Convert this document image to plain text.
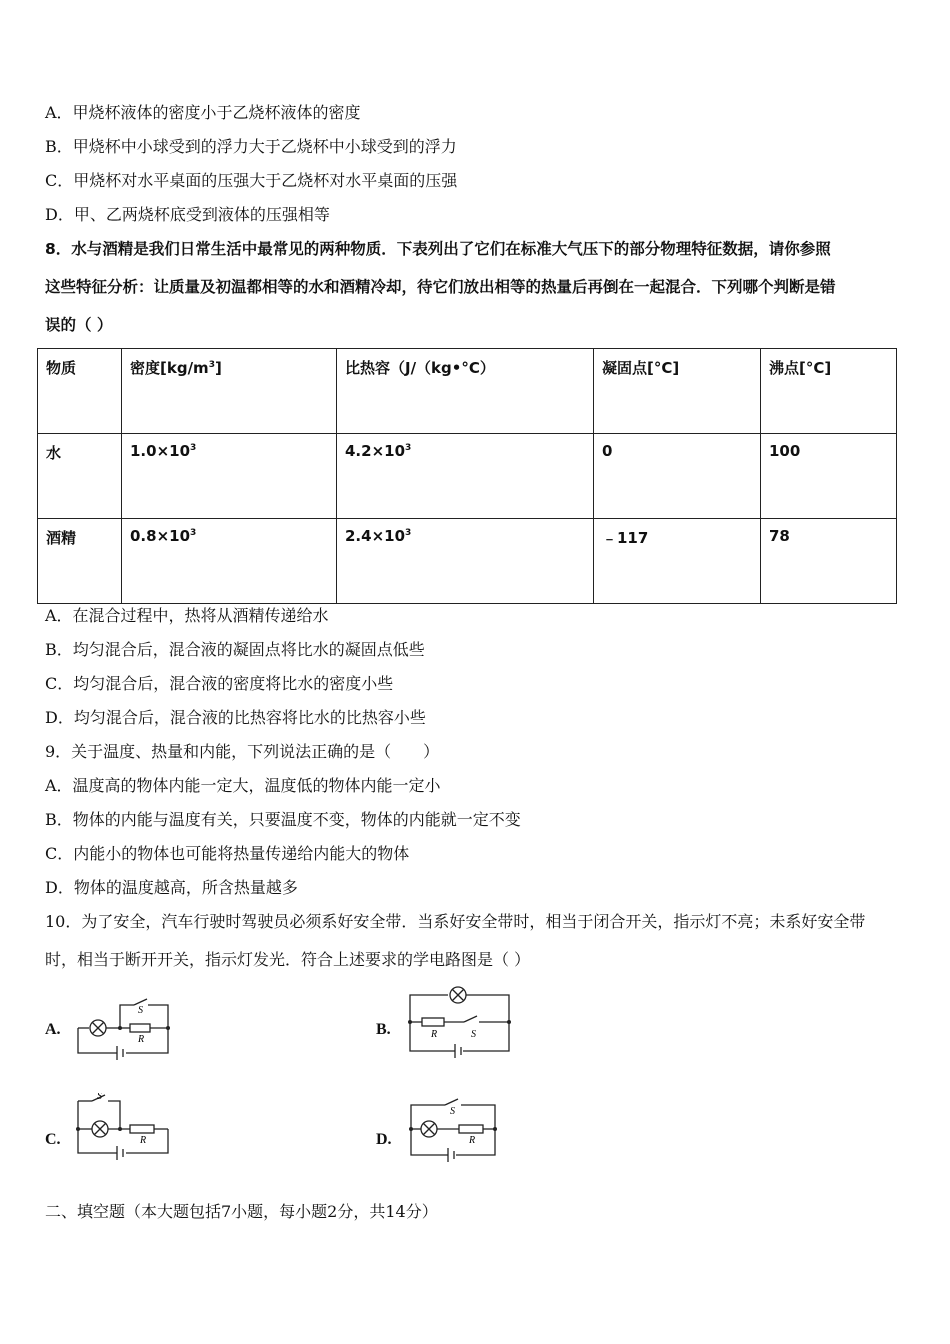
A．甲烧杯液体的密度小于乙烧杯液体的密度
B．甲烧杯中小球受到的浮力大于乙烧杯中小球受到的浮力
C．甲烧杯对水平桌面的压强大于乙烧杯对水平桌面的压强
D．甲、乙两烧杯底受到液体的压强相等
8．水与酒精是我们日常生活中最常见的两种物质．下表列出了它们在标准大气压下的部分物理特征数据，请你参照
这些特征分析：让质量及初温都相等的水和酒精冷却，待它们放出相等的热量后再倒在一起混合．下列哪个判断是错
误的（ ）
物质	密度$[kg/m^3]$	比热容（J/（kg•°C）	凝固点[°C]	沸点[°C]
水	$1.0\times 10^3$	$4.2\times 10^3$	0	100
酒精	$0.8\times 10^3$	$2.4\times 10^3$	﹣117	78
A．在混合过程中，热将从酒精传递给水
B．均匀混合后，混合液的凝固点将比水的凝固点低些
C．均匀混合后，混合液的密度将比水的密度小些
D．均匀混合后，混合液的比热容将比水的比热容小些
9．关于温度、热量和内能，下列说法正确的是（　　）
A．温度高的物体内能一定大，温度低的物体内能一定小
B．物体的内能与温度有关，只要温度不变，物体的内能就一定不变
C．内能小的物体也可能将热量传递给内能大的物体
D．物体的温度越高，所含热量越多
10．为了安全，汽车行驶时驾驶员必须系好安全带．当系好安全带时，相当于闭合开关，指示灯不亮；未系好安全带
时，相当于断开开关，指示灯发光．符合上述要求的学电路图是（ ）
A.
S
R
B.	R	S
C.
S
R	D.
S
R
二、填空题（本大题包括7小题，每小题2分，共14分）
